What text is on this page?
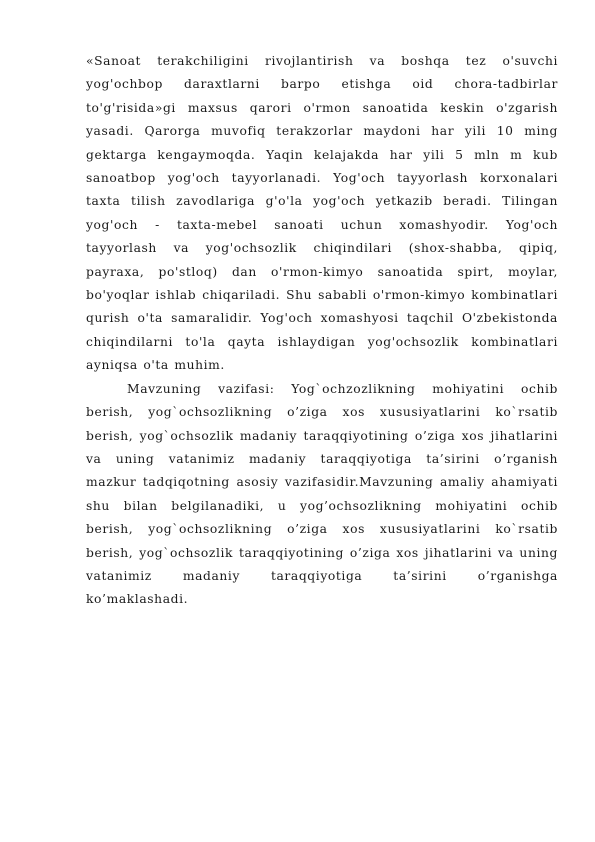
«Sanoat terakchiligini rivojlantirish va boshqa tez o'suvchi yog'ochbop daraxtlarni barpo etishga oid chora-tadbirlar to'g'risida»gi maxsus qarori o'rmon sanoatida keskin o'zgarish yasadi. Qarorga muvofiq terakzorlar maydoni har yili 10 ming gektarga kengaymoqda. Yaqin kelajakda har yili 5 mln m kub sanoatbop yog'och tayyorlanadi. Yog'och tayyorlash korxonalari taxta tilish zavodlariga g'o'la yog'och yetkazib beradi. Tilingan yog'och - taxta-mebel sanoati uchun xomashyodir. Yog'och tayyorlash va yog'ochsozlik chiqindilari (shox-shabba, qipiq, payraxa, po'stloq) dan o'rmon-kimyo sanoatida spirt, moylar, bo'yoqlar ishlab chiqariladi. Shu sababli o'rmon-kimyo kombinatlari qurish o'ta samaralidir. Yog'och xomashyosi taqchil O'zbekistonda chiqindilarni to'la qayta ishlaydigan yog'ochsozlik kombinatlari ayniqsa o'ta muhim.

Mavzuning vazifasi: Yog`ochzozlikning mohiyatini ochib berish, yog`ochsozlikning o’ziga xos xususiyatlarini ko`rsatib berish, yog`ochsozlik madaniy taraqqiyotining o’ziga xos jihatlarini va uning vatanimiz madaniy taraqqiyotiga ta’sirini o’rganish mazkur tadqiqotning asosiy vazifasidir.Mavzuning amaliy ahamiyati shu bilan belgilanadiki, u yog’ochsozlikning mohiyatini ochib berish, yog`ochsozlikning o’ziga xos xususiyatlarini ko`rsatib berish, yog`ochsozlik taraqqiyotining o’ziga xos jihatlarini va uning vatanimiz madaniy taraqqiyotiga ta’sirini o’rganishga ko’maklashadi.
